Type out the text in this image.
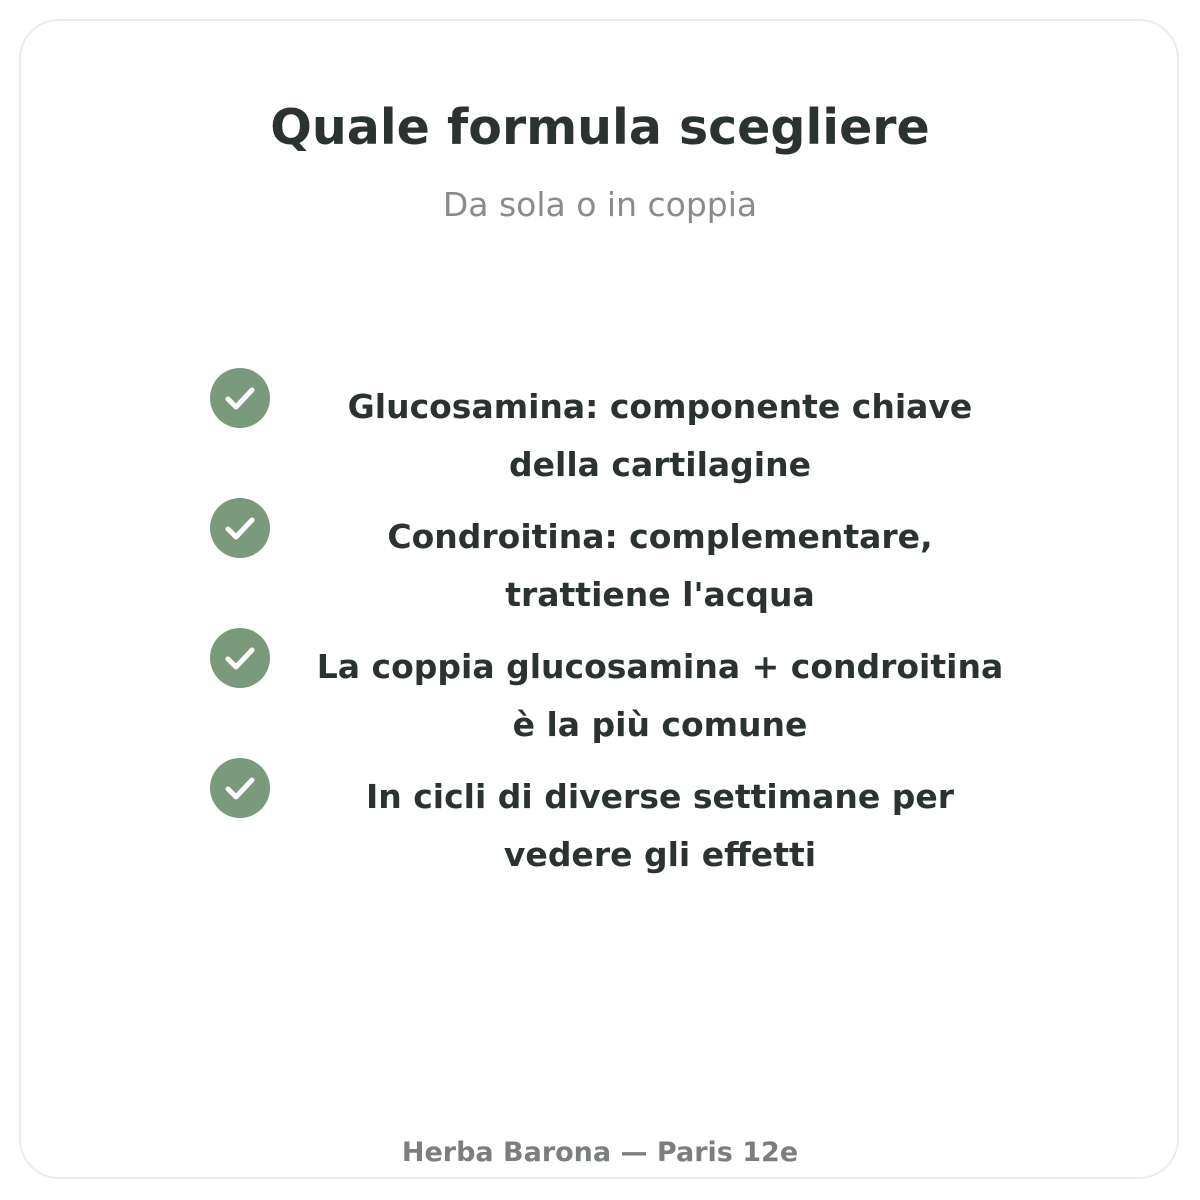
Quale formula scegliere
Da sola o in coppia
Glucosamina: componente chiave della cartilagine
Condroitina: complementare, trattiene l'acqua
La coppia glucosamina + condroitina è la più comune
In cicli di diverse settimane per vedere gli effetti
Herba Barona — Paris 12e
